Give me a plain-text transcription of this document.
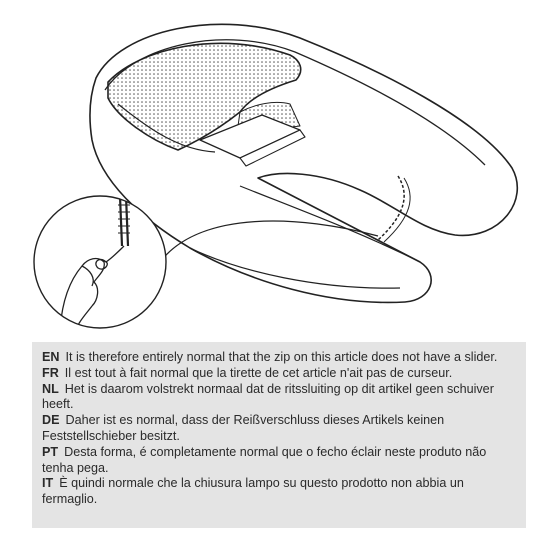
EN It is therefore entirely normal that the zip on this article does not have a slider.

FR Il est tout à fait normal que la tirette de cet article n'ait pas de curseur.

NL Het is daarom volstrekt normaal dat de ritssluiting op dit artikel geen schuiver heeft.

DE Daher ist es normal, dass der Reißverschluss dieses Artikels keinen Feststellschieber besitzt.

PT Desta forma, é completamente normal que o fecho éclair neste produto não tenha pega.

IT È quindi normale che la chiusura lampo su questo prodotto non abbia un fermaglio.
